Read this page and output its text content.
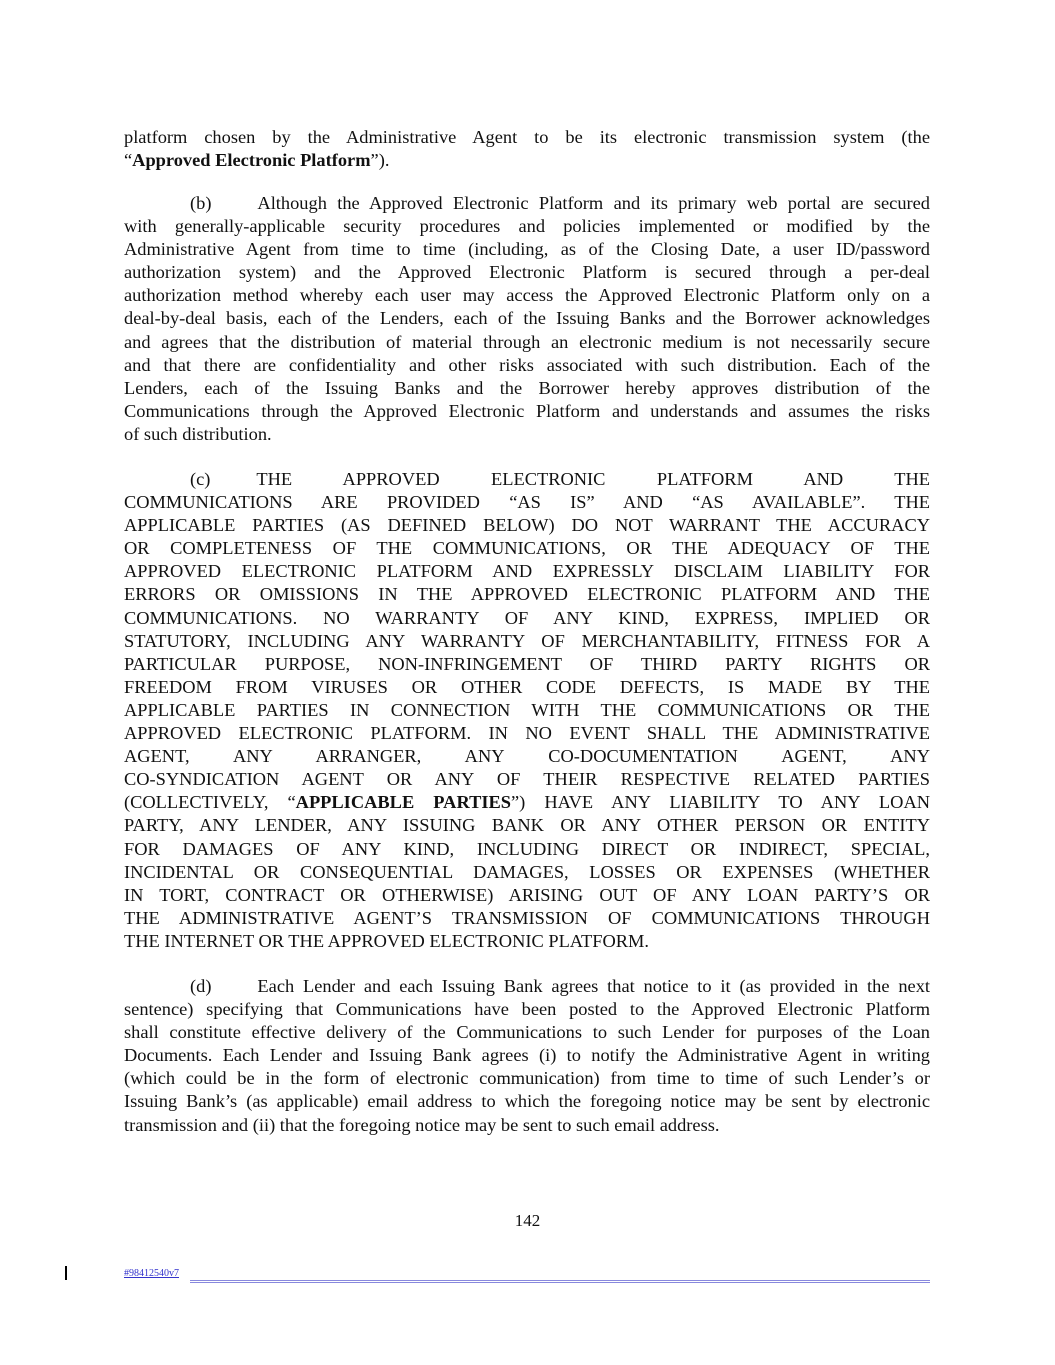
platform chosen by the Administrative Agent to be its electronic transmission system (the
“Approved Electronic Platform”).
(b)   Although the Approved Electronic Platform and its primary web portal are secured
with generally-applicable security procedures and policies implemented or modified by the
Administrative Agent from time to time (including, as of the Closing Date, a user ID/password
authorization system) and the Approved Electronic Platform is secured through a per-deal
authorization method whereby each user may access the Approved Electronic Platform only on a
deal-by-deal basis, each of the Lenders, each of the Issuing Banks and the Borrower acknowledges
and agrees that the distribution of material through an electronic medium is not necessarily secure
and that there are confidentiality and other risks associated with such distribution. Each of the
Lenders, each of the Issuing Banks and the Borrower hereby approves distribution of the
Communications through the Approved Electronic Platform and understands and assumes the risks
of such distribution.
(c)   THE APPROVED ELECTRONIC PLATFORM AND THE
COMMUNICATIONS ARE PROVIDED “AS IS” AND “AS AVAILABLE”. THE
APPLICABLE PARTIES (AS DEFINED BELOW) DO NOT WARRANT THE ACCURACY
OR COMPLETENESS OF THE COMMUNICATIONS, OR THE ADEQUACY OF THE
APPROVED ELECTRONIC PLATFORM AND EXPRESSLY DISCLAIM LIABILITY FOR
ERRORS OR OMISSIONS IN THE APPROVED ELECTRONIC PLATFORM AND THE
COMMUNICATIONS. NO WARRANTY OF ANY KIND, EXPRESS, IMPLIED OR
STATUTORY, INCLUDING ANY WARRANTY OF MERCHANTABILITY, FITNESS FOR A
PARTICULAR PURPOSE, NON-INFRINGEMENT OF THIRD PARTY RIGHTS OR
FREEDOM FROM VIRUSES OR OTHER CODE DEFECTS, IS MADE BY THE
APPLICABLE PARTIES IN CONNECTION WITH THE COMMUNICATIONS OR THE
APPROVED ELECTRONIC PLATFORM. IN NO EVENT SHALL THE ADMINISTRATIVE
AGENT, ANY ARRANGER, ANY CO-DOCUMENTATION AGENT, ANY
CO-SYNDICATION AGENT OR ANY OF THEIR RESPECTIVE RELATED PARTIES
(COLLECTIVELY, “APPLICABLE PARTIES”) HAVE ANY LIABILITY TO ANY LOAN
PARTY, ANY LENDER, ANY ISSUING BANK OR ANY OTHER PERSON OR ENTITY
FOR DAMAGES OF ANY KIND, INCLUDING DIRECT OR INDIRECT, SPECIAL,
INCIDENTAL OR CONSEQUENTIAL DAMAGES, LOSSES OR EXPENSES (WHETHER
IN TORT, CONTRACT OR OTHERWISE) ARISING OUT OF ANY LOAN PARTY’S OR
THE ADMINISTRATIVE AGENT’S TRANSMISSION OF COMMUNICATIONS THROUGH
THE INTERNET OR THE APPROVED ELECTRONIC PLATFORM.
(d)   Each Lender and each Issuing Bank agrees that notice to it (as provided in the next
sentence) specifying that Communications have been posted to the Approved Electronic Platform
shall constitute effective delivery of the Communications to such Lender for purposes of the Loan
Documents. Each Lender and Issuing Bank agrees (i) to notify the Administrative Agent in writing
(which could be in the form of electronic communication) from time to time of such Lender’s or
Issuing Bank’s (as applicable) email address to which the foregoing notice may be sent by electronic
transmission and (ii) that the foregoing notice may be sent to such email address.
142
#98412540v7
